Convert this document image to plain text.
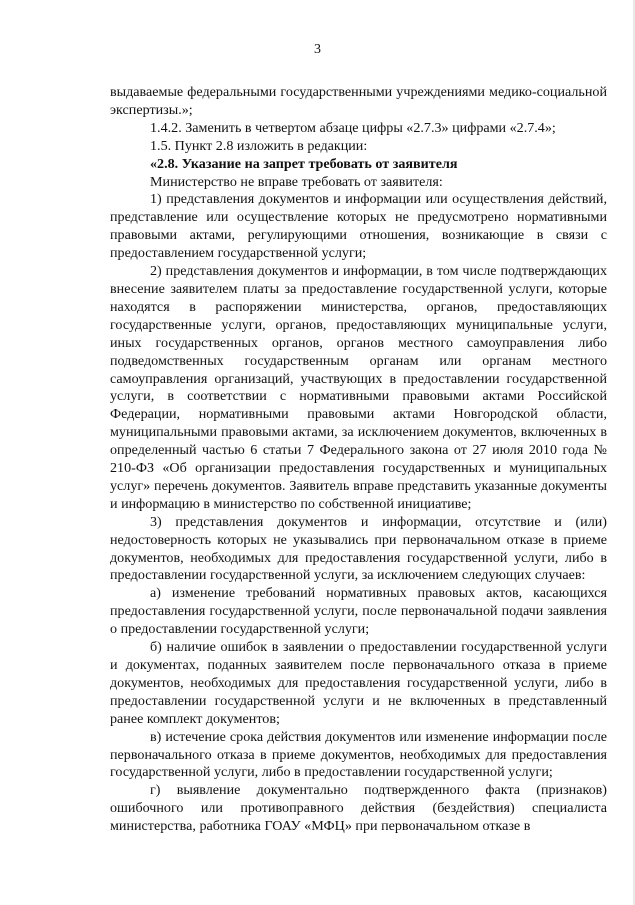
3

выдаваемые федеральными государственными учреждениями медико-социальной экспертизы.»;

1.4.2. Заменить в четвертом абзаце цифры «2.7.3» цифрами «2.7.4»;

1.5. Пункт 2.8 изложить в редакции:

«2.8. Указание на запрет требовать от заявителя

Министерство не вправе требовать от заявителя:

1) представления документов и информации или осуществления действий, представление или осуществление которых не предусмотрено нормативными правовыми актами, регулирующими отношения, возникающие в связи с предоставлением государственной услуги;

2) представления документов и информации, в том числе подтверждающих внесение заявителем платы за предоставление государственной услуги, которые находятся в распоряжении министерства, органов, предоставляющих государственные услуги, органов, предоставляющих муниципальные услуги, иных государственных органов, органов местного самоуправления либо подведомственных государственным органам или органам местного самоуправления организаций, участвующих в предоставлении государственной услуги, в соответствии с нормативными правовыми актами Российской Федерации, нормативными правовыми актами Новгородской области, муниципальными правовыми актами, за исключением документов, включенных в определенный частью 6 статьи 7 Федерального закона от 27 июля 2010 года № 210-ФЗ «Об организации предоставления государственных и муниципальных услуг» перечень документов. Заявитель вправе представить указанные документы и информацию в министерство по собственной инициативе;

3) представления документов и информации, отсутствие и (или) недостоверность которых не указывались при первоначальном отказе в приеме документов, необходимых для предоставления государственной услуги, либо в предоставлении государственной услуги, за исключением следующих случаев:

а) изменение требований нормативных правовых актов, касающихся предоставления государственной услуги, после первоначальной подачи заявления о предоставлении государственной услуги;

б) наличие ошибок в заявлении о предоставлении государственной услуги и документах, поданных заявителем после первоначального отказа в приеме документов, необходимых для предоставления государственной услуги, либо в предоставлении государственной услуги и не включенных в представленный ранее комплект документов;

в) истечение срока действия документов или изменение информации после первоначального отказа в приеме документов, необходимых для предоставления государственной услуги, либо в предоставлении государственной услуги;

г) выявление документально подтвержденного факта (признаков) ошибочного или противоправного действия (бездействия) специалиста министерства, работника ГОАУ «МФЦ» при первоначальном отказе в
